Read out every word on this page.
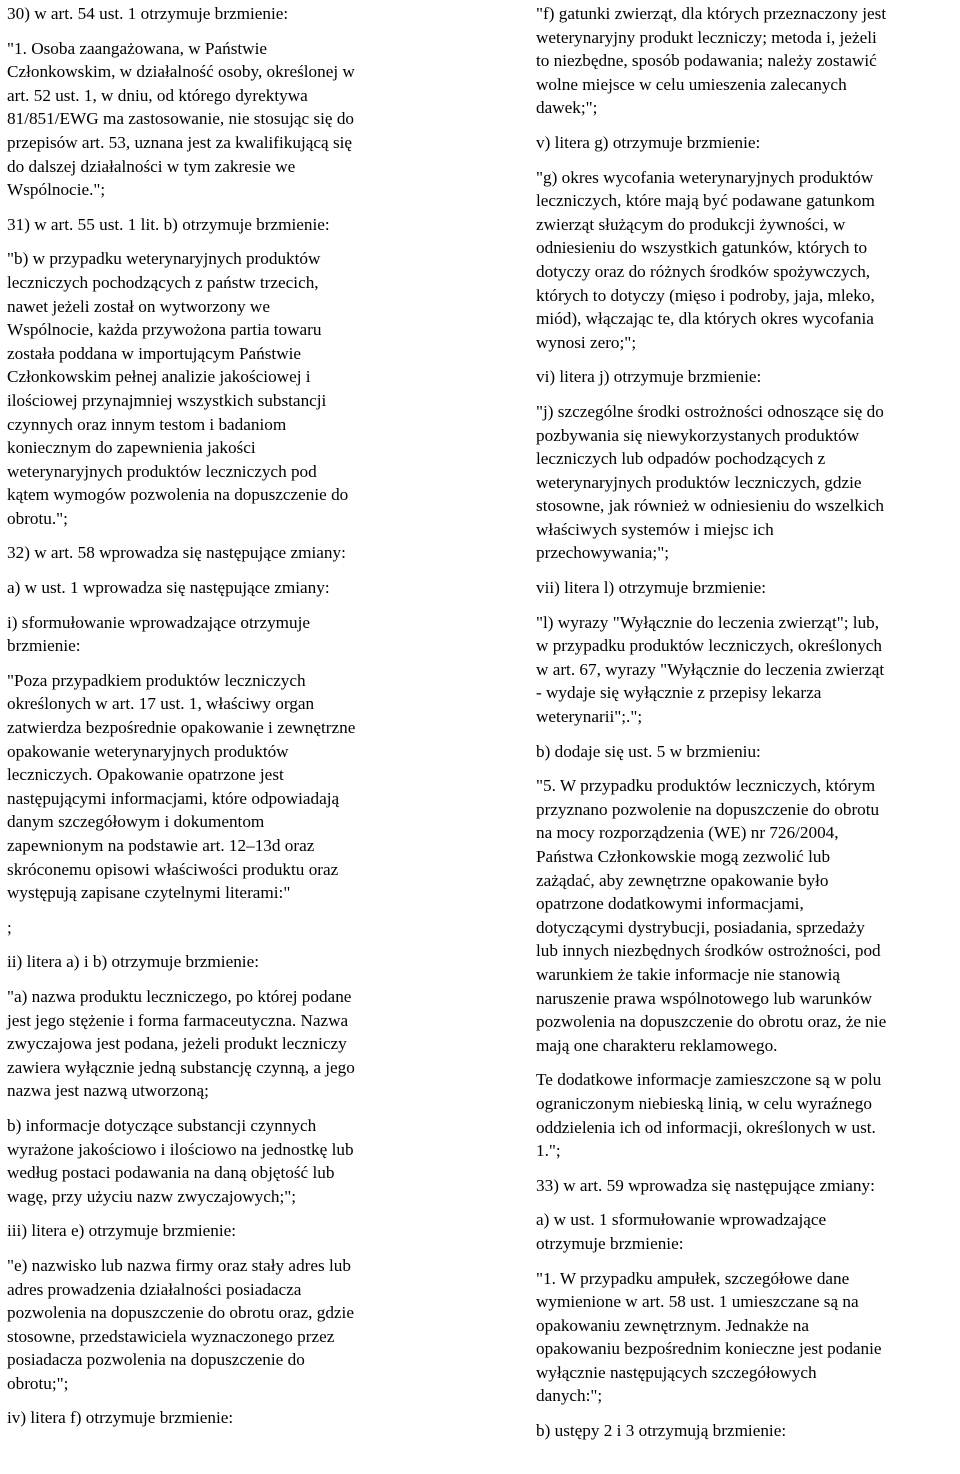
30) w art. 54 ust. 1 otrzymuje brzmienie:

"1. Osoba zaangażowana, w Państwie
Członkowskim, w działalność osoby, określonej w
art. 52 ust. 1, w dniu, od którego dyrektywa
81/851/EWG ma zastosowanie, nie stosując się do
przepisów art. 53, uznana jest za kwalifikującą się
do dalszej działalności w tym zakresie we
Wspólnocie.";

31) w art. 55 ust. 1 lit. b) otrzymuje brzmienie:

"b) w przypadku weterynaryjnych produktów
leczniczych pochodzących z państw trzecich,
nawet jeżeli został on wytworzony we
Wspólnocie, każda przywożona partia towaru
została poddana w importującym Państwie
Członkowskim pełnej analizie jakościowej i
ilościowej przynajmniej wszystkich substancji
czynnych oraz innym testom i badaniom
koniecznym do zapewnienia jakości
weterynaryjnych produktów leczniczych pod
kątem wymogów pozwolenia na dopuszczenie do
obrotu.";

32) w art. 58 wprowadza się następujące zmiany:

a) w ust. 1 wprowadza się następujące zmiany:

i) sformułowanie wprowadzające otrzymuje
brzmienie:

"Poza przypadkiem produktów leczniczych
określonych w art. 17 ust. 1, właściwy organ
zatwierdza bezpośrednie opakowanie i zewnętrzne
opakowanie weterynaryjnych produktów
leczniczych. Opakowanie opatrzone jest
następującymi informacjami, które odpowiadają
danym szczegółowym i dokumentom
zapewnionym na podstawie art. 12–13d oraz
skróconemu opisowi właściwości produktu oraz
występują zapisane czytelnymi literami:"

;

ii) litera a) i b) otrzymuje brzmienie:

"a) nazwa produktu leczniczego, po której podane
jest jego stężenie i forma farmaceutyczna. Nazwa
zwyczajowa jest podana, jeżeli produkt leczniczy
zawiera wyłącznie jedną substancję czynną, a jego
nazwa jest nazwą utworzoną;

b) informacje dotyczące substancji czynnych
wyrażone jakościowo i ilościowo na jednostkę lub
według postaci podawania na daną objętość lub
wagę, przy użyciu nazw zwyczajowych;";

iii) litera e) otrzymuje brzmienie:

"e) nazwisko lub nazwa firmy oraz stały adres lub
adres prowadzenia działalności posiadacza
pozwolenia na dopuszczenie do obrotu oraz, gdzie
stosowne, przedstawiciela wyznaczonego przez
posiadacza pozwolenia na dopuszczenie do
obrotu;";

iv) litera f) otrzymuje brzmienie:

"f) gatunki zwierząt, dla których przeznaczony jest
weterynaryjny produkt leczniczy; metoda i, jeżeli
to niezbędne, sposób podawania; należy zostawić
wolne miejsce w celu umieszenia zalecanych
dawek;";

v) litera g) otrzymuje brzmienie:

"g) okres wycofania weterynaryjnych produktów
leczniczych, które mają być podawane gatunkom
zwierząt służącym do produkcji żywności, w
odniesieniu do wszystkich gatunków, których to
dotyczy oraz do różnych środków spożywczych,
których to dotyczy (mięso i podroby, jaja, mleko,
miód), włączając te, dla których okres wycofania
wynosi zero;";

vi) litera j) otrzymuje brzmienie:

"j) szczególne środki ostrożności odnoszące się do
pozbywania się niewykorzystanych produktów
leczniczych lub odpadów pochodzących z
weterynaryjnych produktów leczniczych, gdzie
stosowne, jak również w odniesieniu do wszelkich
właściwych systemów i miejsc ich
przechowywania;";

vii) litera l) otrzymuje brzmienie:

"l) wyrazy "Wyłącznie do leczenia zwierząt"; lub,
w przypadku produktów leczniczych, określonych
w art. 67, wyrazy "Wyłącznie do leczenia zwierząt
- wydaje się wyłącznie z przepisy lekarza
weterynarii";.";

b) dodaje się ust. 5 w brzmieniu:

"5. W przypadku produktów leczniczych, którym
przyznano pozwolenie na dopuszczenie do obrotu
na mocy rozporządzenia (WE) nr 726/2004,
Państwa Członkowskie mogą zezwolić lub
zażądać, aby zewnętrzne opakowanie było
opatrzone dodatkowymi informacjami,
dotyczącymi dystrybucji, posiadania, sprzedaży
lub innych niezbędnych środków ostrożności, pod
warunkiem że takie informacje nie stanowią
naruszenie prawa wspólnotowego lub warunków
pozwolenia na dopuszczenie do obrotu oraz, że nie
mają one charakteru reklamowego.

Te dodatkowe informacje zamieszczone są w polu
ograniczonym niebieską linią, w celu wyraźnego
oddzielenia ich od informacji, określonych w ust.
1.";

33) w art. 59 wprowadza się następujące zmiany:

a) w ust. 1 sformułowanie wprowadzające
otrzymuje brzmienie:

"1. W przypadku ampułek, szczegółowe dane
wymienione w art. 58 ust. 1 umieszczane są na
opakowaniu zewnętrznym. Jednakże na
opakowaniu bezpośrednim konieczne jest podanie
wyłącznie następujących szczegółowych
danych:";

b) ustępy 2 i 3 otrzymują brzmienie:
